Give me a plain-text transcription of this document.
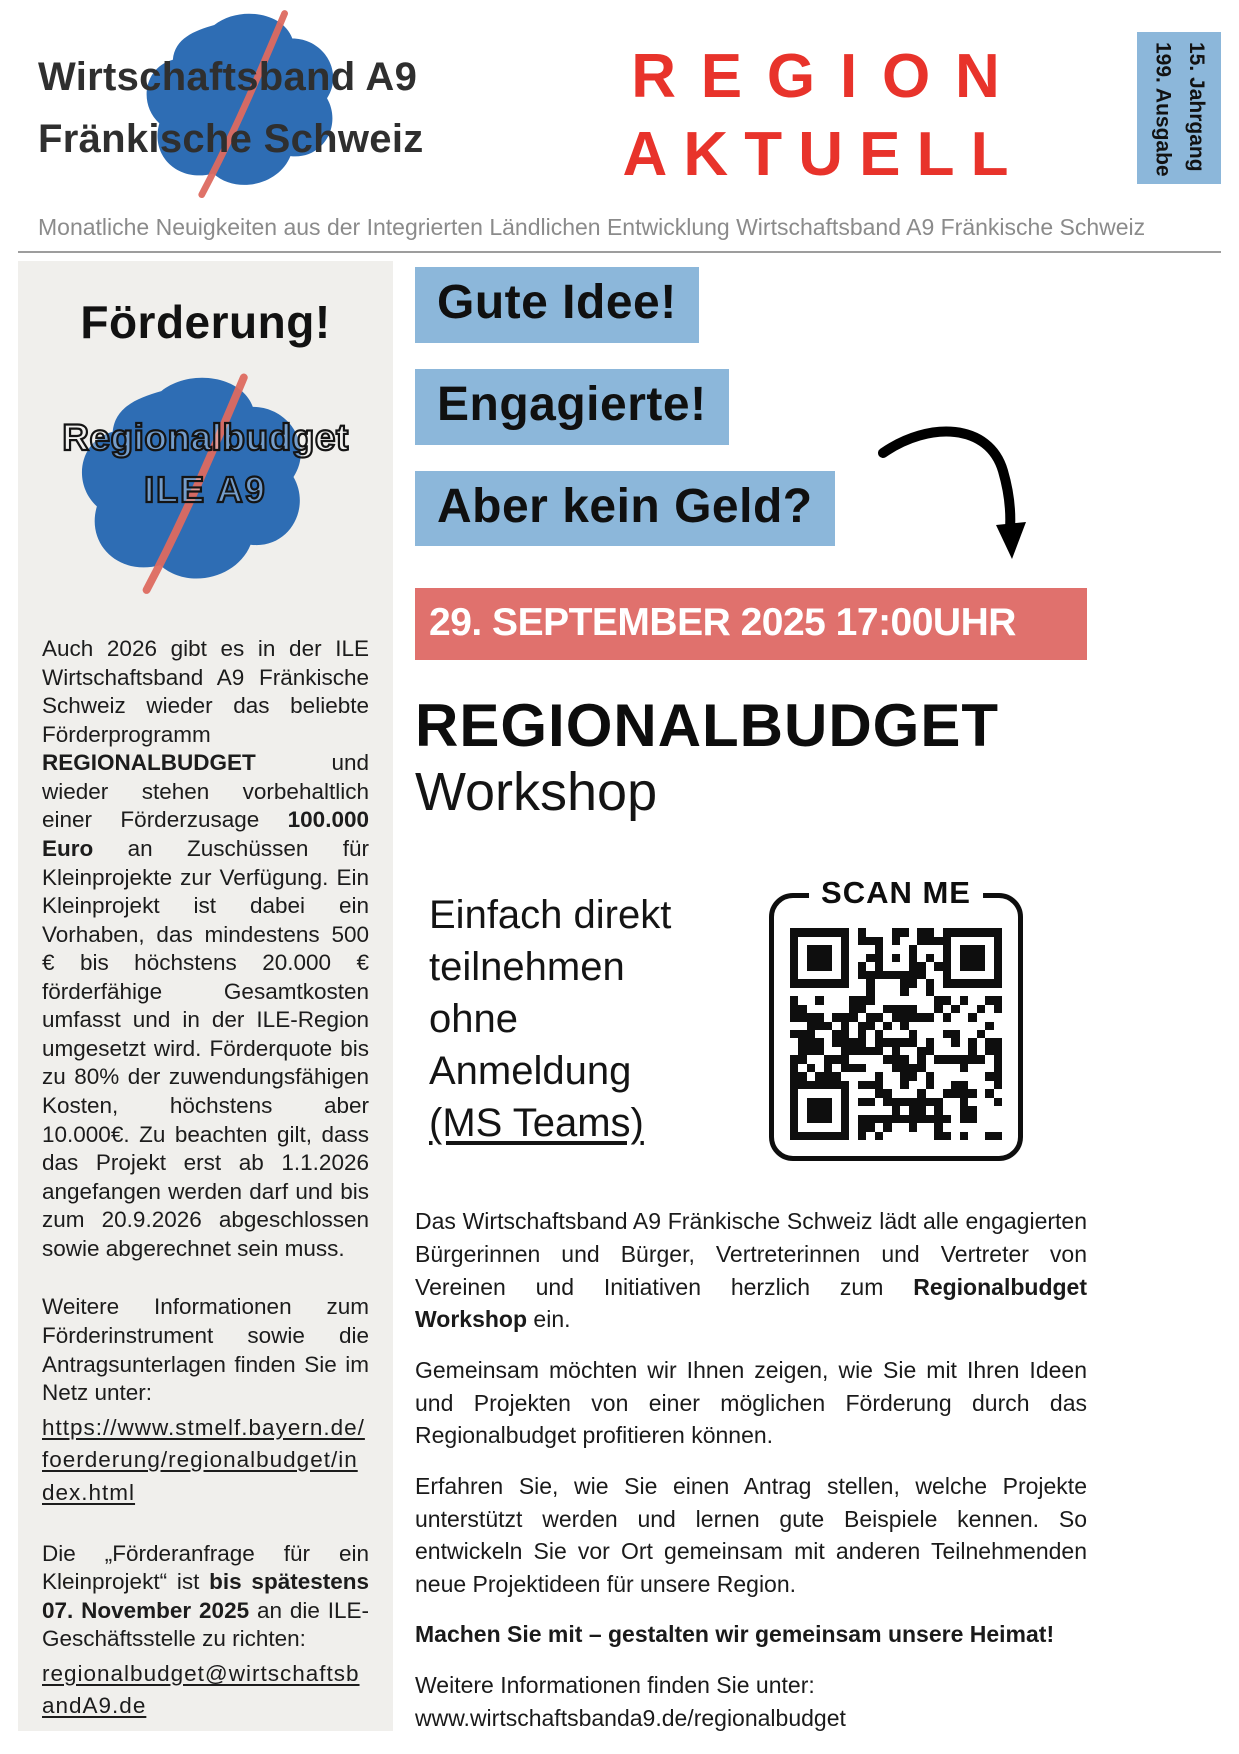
Wirtschaftsband A9
Fränkische Schweiz
REGION
AKTUELL	15. Jahrgang
199. Ausgabe
Monatliche Neuigkeiten aus der Integrierten Ländlichen Entwicklung Wirtschaftsband A9 Fränkische Schweiz
Förderung!
Regionalbudget
ILE A9

Auch 2026 gibt es in der ILE Wirtschaftsband A9 Fränkische Schweiz wieder das beliebte Förderprogramm REGIONALBUDGET und wieder stehen vorbehaltlich einer Förderzusage 100.000 Euro an Zuschüssen für Kleinprojekte zur Verfügung. Ein Kleinprojekt ist dabei ein Vorhaben, das mindestens 500 € bis höchstens 20.000 € förderfähige Gesamtkosten umfasst und in der ILE-Region umgesetzt wird. Förderquote bis zu 80% der zuwendungsfähigen Kosten, höchstens aber 10.000€. Zu beachten gilt, dass das Projekt erst ab 1.1.2026 angefangen werden darf und bis zum 20.9.2026 abgeschlossen sowie abgerechnet sein muss.

Weitere Informationen zum Förderinstrument sowie die Antragsunterlagen finden Sie im Netz unter:
https://www.stmelf.bayern.de/foerderung/regionalbudget/index.html

Die „Förderanfrage für ein Kleinprojekt“ ist bis spätestens 07. November 2025 an die ILE-Geschäftsstelle zu richten:
regionalbudget@wirtschaftsbandA9.de

Gute Idee!
Engagierte!
Aber kein Geld?
29. SEPTEMBER 2025 17:00UHR
REGIONALBUDGET
Workshop
Einfach direkt
teilnehmen
ohne
Anmeldung
(MS Teams)
SCAN ME

Das Wirtschaftsband A9 Fränkische Schweiz lädt alle engagierten Bürgerinnen und Bürger, Vertreterinnen und Vertreter von Vereinen und Initiativen herzlich zum Regionalbudget Workshop ein.

Gemeinsam möchten wir Ihnen zeigen, wie Sie mit Ihren Ideen und Projekten von einer möglichen Förderung durch das Regionalbudget profitieren können.

Erfahren Sie, wie Sie einen Antrag stellen, welche Projekte unterstützt werden und lernen gute Beispiele kennen. So entwickeln Sie vor Ort gemeinsam mit anderen Teilnehmenden neue Projektideen für unsere Region.

Machen Sie mit – gestalten wir gemeinsam unsere Heimat!

Weitere Informationen finden Sie unter:
www.wirtschaftsbanda9.de/regionalbudget
